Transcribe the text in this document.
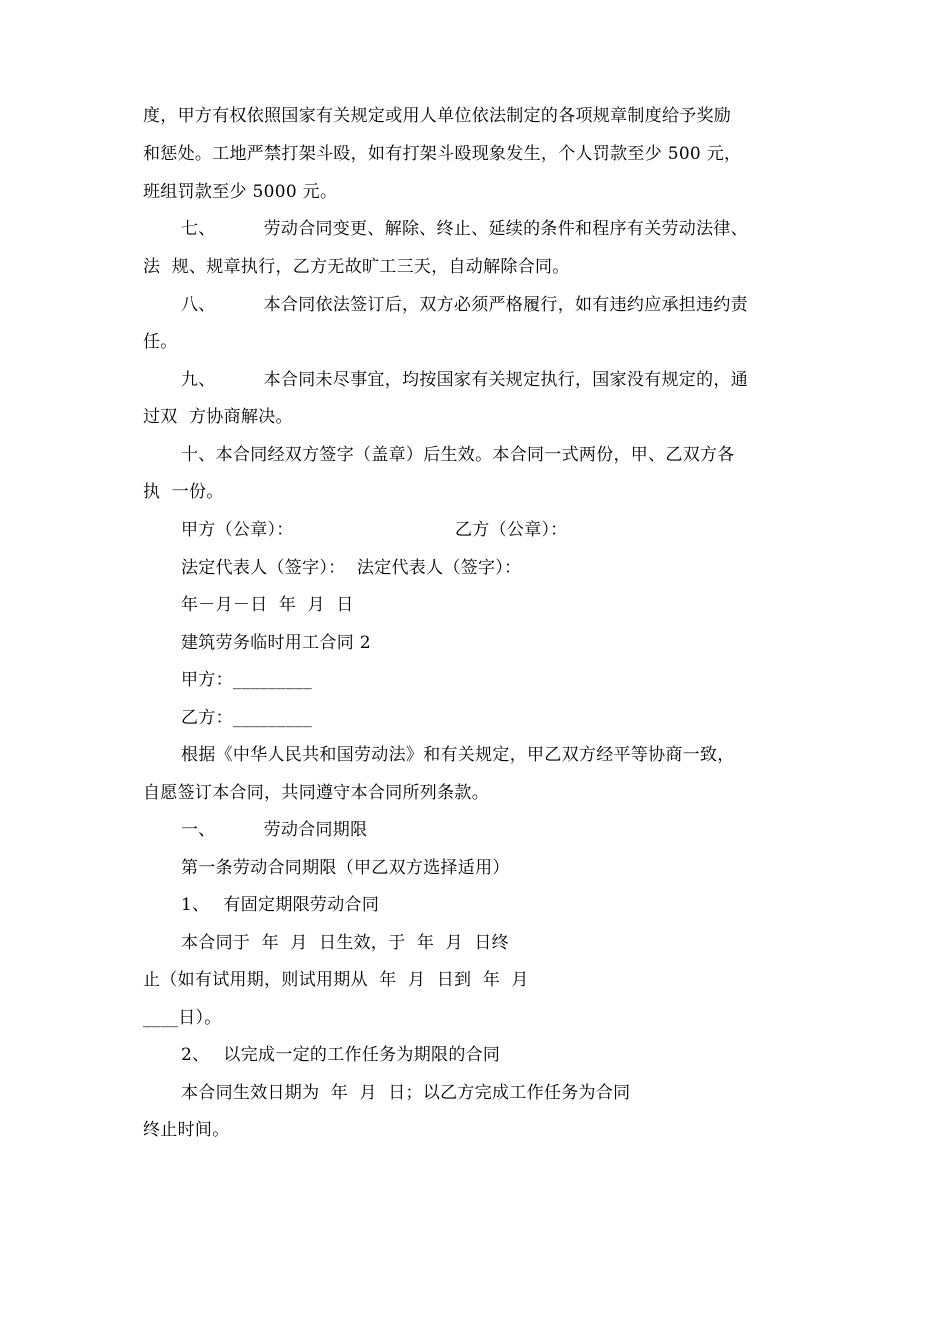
度，甲方有权依照国家有关规定或用人单位依法制定的各项规章制度给予奖励
和惩处。工地严禁打架斗殴，如有打架斗殴现象发生，个人罚款至少 500 元，
班组罚款至少 5000 元。
七、	劳动合同变更、解除、终止、延续的条件和程序有关劳动法律、
法  规、规章执行，乙方无故旷工三天，自动解除合同。
八、	本合同依法签订后，双方必须严格履行，如有违约应承担违约责
任。
九、	本合同未尽事宜，均按国家有关规定执行，国家没有规定的，通
过双  方协商解决。
十、本合同经双方签字（盖章）后生效。本合同一式两份，甲、乙双方各
执  一份。
甲方（公章）：	乙方（公章）：
法定代表人（签字）：  法定代表人（签字）：
年－月－日  年  月  日
建筑劳务临时用工合同 2
甲方：_________
乙方：_________
根据《中华人民共和国劳动法》和有关规定，甲乙双方经平等协商一致，
自愿签订本合同，共同遵守本合同所列条款。
一、	劳动合同期限
第一条劳动合同期限（甲乙双方选择适用）
1、 有固定期限劳动合同
本合同于  年  月  日生效，于  年  月  日终
止（如有试用期，则试用期从  年  月  日到  年  月
____日）。
2、 以完成一定的工作任务为期限的合同
本合同生效日期为  年  月  日；以乙方完成工作任务为合同
终止时间。
